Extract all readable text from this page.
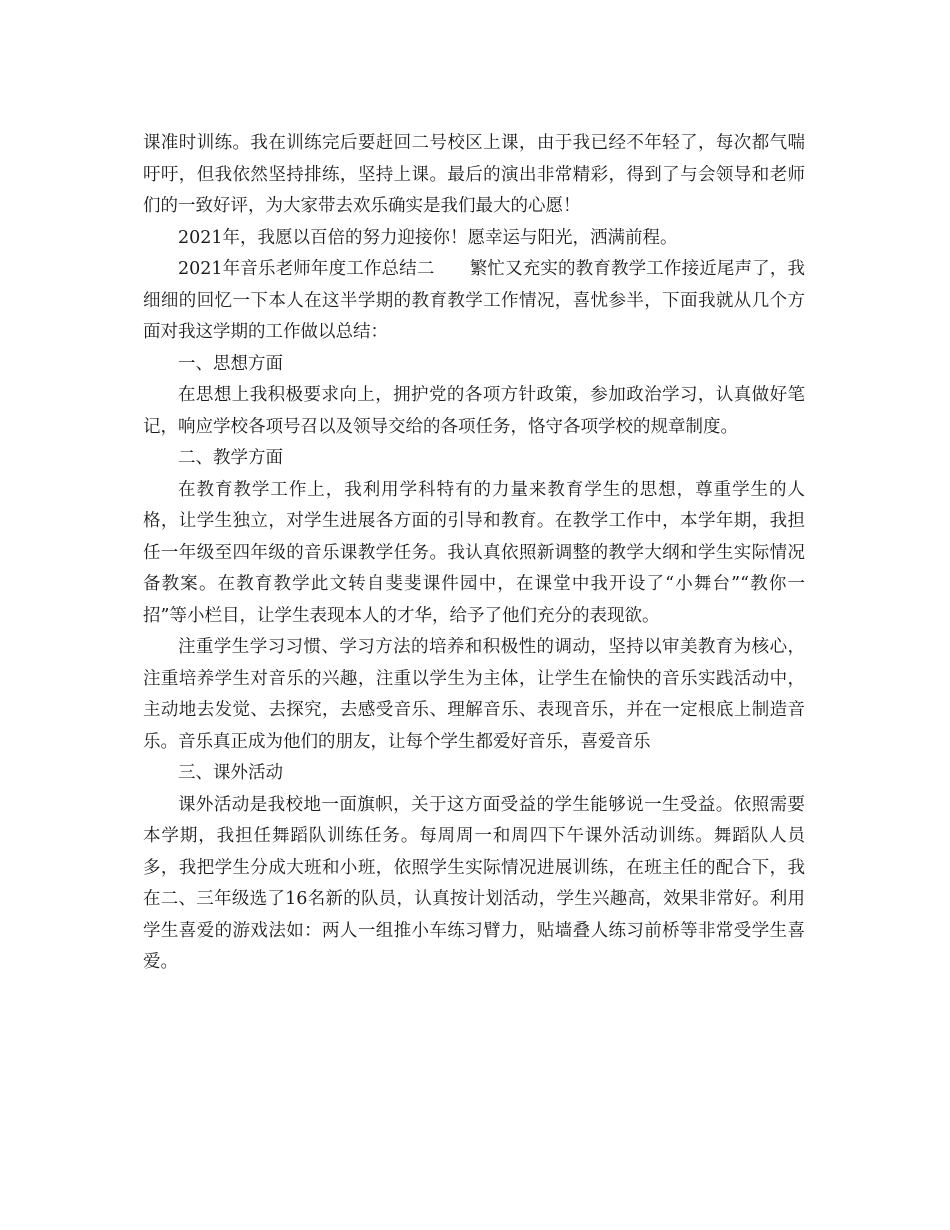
课准时训练。我在训练完后要赶回二号校区上课，由于我已经不年轻了，每次都气喘吁吁，但我依然坚持排练，坚持上课。最后的演出非常精彩，得到了与会领导和老师们的一致好评，为大家带去欢乐确实是我们最大的心愿！

2021年，我愿以百倍的努力迎接你！愿幸运与阳光，洒满前程。

2021年音乐老师年度工作总结二　　繁忙又充实的教育教学工作接近尾声了，我细细的回忆一下本人在这半学期的教育教学工作情况，喜忧参半，下面我就从几个方面对我这学期的工作做以总结：

一、思想方面

在思想上我积极要求向上，拥护党的各项方针政策，参加政治学习，认真做好笔记，响应学校各项号召以及领导交给的各项任务，恪守各项学校的规章制度。

二、教学方面

在教育教学工作上，我利用学科特有的力量来教育学生的思想，尊重学生的人格，让学生独立，对学生进展各方面的引导和教育。在教学工作中，本学年期，我担任一年级至四年级的音乐课教学任务。我认真依照新调整的教学大纲和学生实际情况备教案。在教育教学此文转自斐斐课件园中，在课堂中我开设了“小舞台”“教你一招”等小栏目，让学生表现本人的才华，给予了他们充分的表现欲。

注重学生学习习惯、学习方法的培养和积极性的调动，坚持以审美教育为核心，注重培养学生对音乐的兴趣，注重以学生为主体，让学生在愉快的音乐实践活动中，主动地去发觉、去探究，去感受音乐、理解音乐、表现音乐，并在一定根底上制造音乐。音乐真正成为他们的朋友，让每个学生都爱好音乐，喜爱音乐

三、课外活动

课外活动是我校地一面旗帜，关于这方面受益的学生能够说一生受益。依照需要本学期，我担任舞蹈队训练任务。每周周一和周四下午课外活动训练。舞蹈队人员多，我把学生分成大班和小班，依照学生实际情况进展训练，在班主任的配合下，我在二、三年级选了16名新的队员，认真按计划活动，学生兴趣高，效果非常好。利用学生喜爱的游戏法如：两人一组推小车练习臂力，贴墙叠人练习前桥等非常受学生喜爱。
